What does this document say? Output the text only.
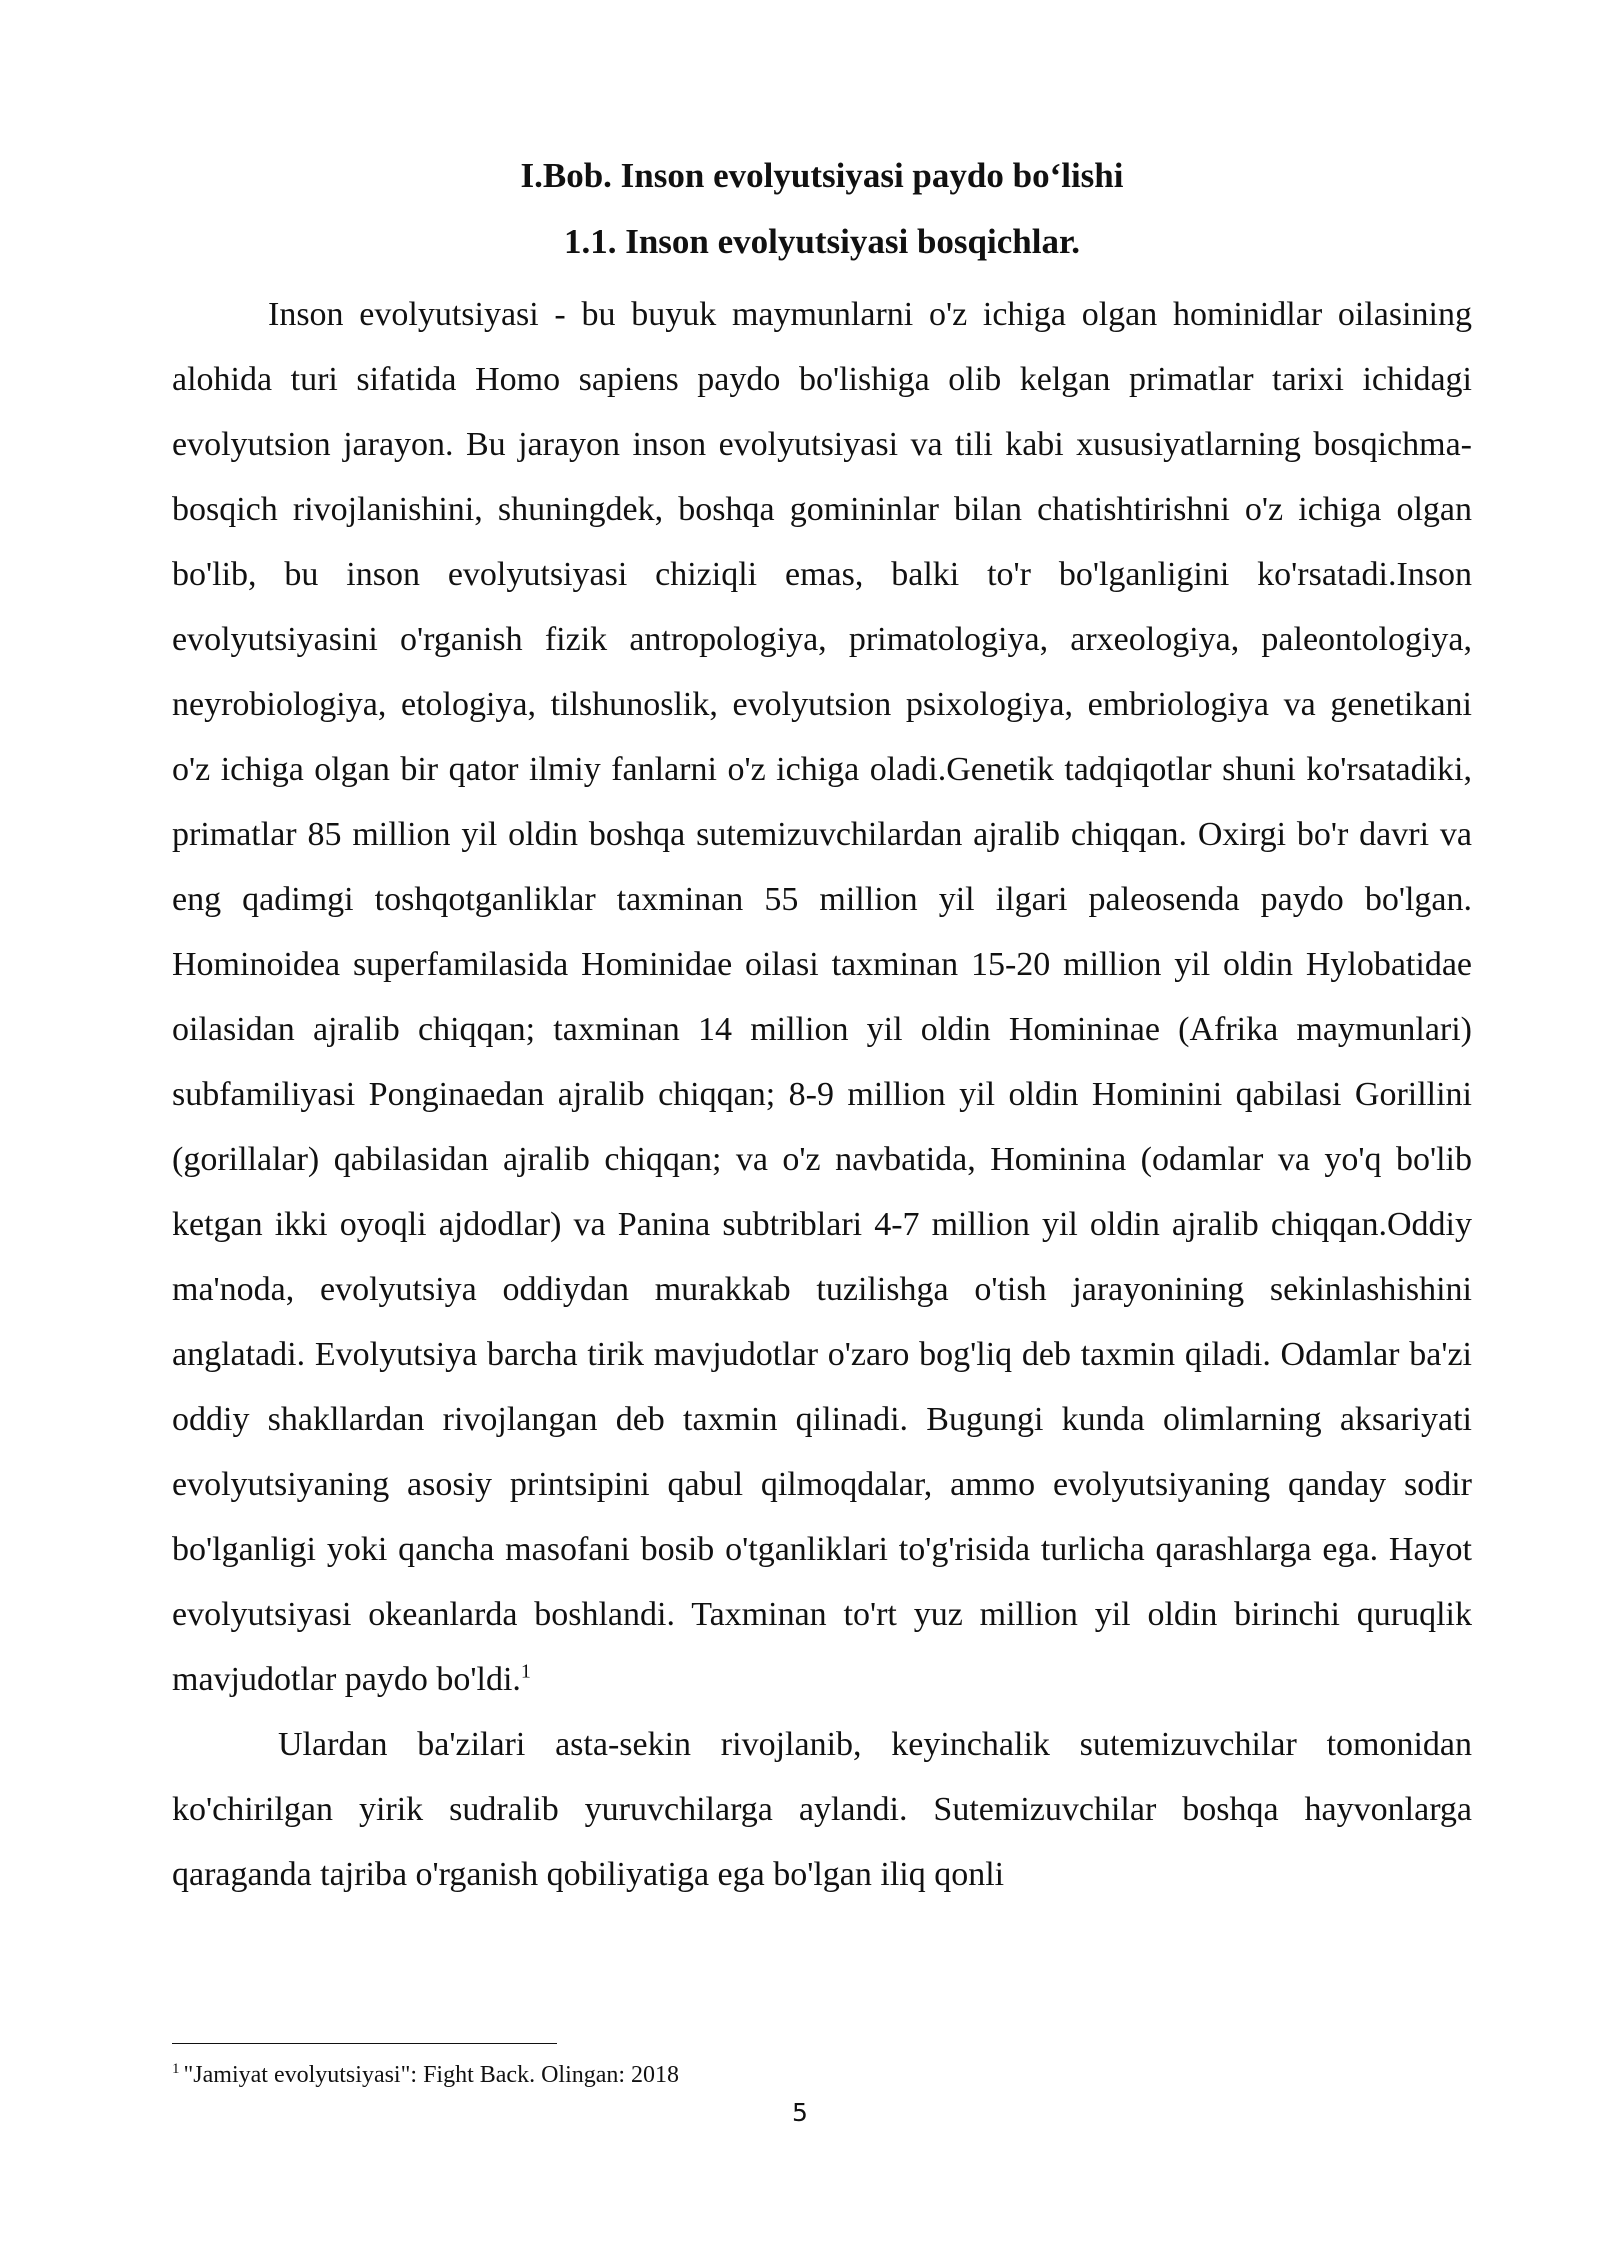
I.Bob. Inson evolyutsiyasi paydo bo‘lishi
1.1. Inson evolyutsiyasi bosqichlar.

Inson evolyutsiyasi - bu buyuk maymunlarni o'z ichiga olgan hominidlar oilasining alohida turi sifatida Homo sapiens paydo bo'lishiga olib kelgan primatlar tarixi ichidagi evolyutsion jarayon. Bu jarayon inson evolyutsiyasi va tili kabi xususiyatlarning bosqichma-bosqich rivojlanishini, shuningdek, boshqa gomininlar bilan chatishtirishni o'z ichiga olgan bo'lib, bu inson evolyutsiyasi chiziqli emas, balki to'r bo'lganligini ko'rsatadi.Inson evolyutsiyasini o'rganish fizik antropologiya, primatologiya, arxeologiya, paleontologiya, neyrobiologiya, etologiya, tilshunoslik, evolyutsion psixologiya, embriologiya va genetikani o'z ichiga olgan bir qator ilmiy fanlarni o'z ichiga oladi.Genetik tadqiqotlar shuni ko'rsatadiki, primatlar 85 million yil oldin boshqa sutemizuvchilardan ajralib chiqqan. Oxirgi bo'r davri va eng qadimgi toshqotganliklar taxminan 55 million yil ilgari paleosenda paydo bo'lgan. Hominoidea superfamilasida Hominidae oilasi taxminan 15-20 million yil oldin Hylobatidae oilasidan ajralib chiqqan; taxminan 14 million yil oldin Homininae (Afrika maymunlari) subfamiliyasi Ponginaedan ajralib chiqqan; 8-9 million yil oldin Hominini qabilasi Gorillini (gorillalar) qabilasidan ajralib chiqqan; va o'z navbatida, Hominina (odamlar va yo'q bo'lib ketgan ikki oyoqli ajdodlar) va Panina subtriblari 4-7 million yil oldin ajralib chiqqan.Oddiy ma'noda, evolyutsiya oddiydan murakkab tuzilishga o'tish jarayonining sekinlashishini anglatadi. Evolyutsiya barcha tirik mavjudotlar o'zaro bog'liq deb taxmin qiladi. Odamlar ba'zi oddiy shakllardan rivojlangan deb taxmin qilinadi. Bugungi kunda olimlarning aksariyati evolyutsiyaning asosiy printsipini qabul qilmoqdalar, ammo evolyutsiyaning qanday sodir bo'lganligi yoki qancha masofani bosib o'tganliklari to'g'risida turlicha qarashlarga ega. Hayot evolyutsiyasi okeanlarda boshlandi. Taxminan to'rt yuz million yil oldin birinchi quruqlik mavjudotlar paydo bo'ldi.$^1$

Ulardan ba'zilari asta-sekin rivojlanib, keyinchalik sutemizuvchilar tomonidan ko'chirilgan yirik sudralib yuruvchilarga aylandi. Sutemizuvchilar boshqa hayvonlarga qaraganda tajriba o'rganish qobiliyatiga ega bo'lgan iliq qonli

$^1$ "Jamiyat evolyutsiyasi": Fight Back. Olingan: 2018

5
